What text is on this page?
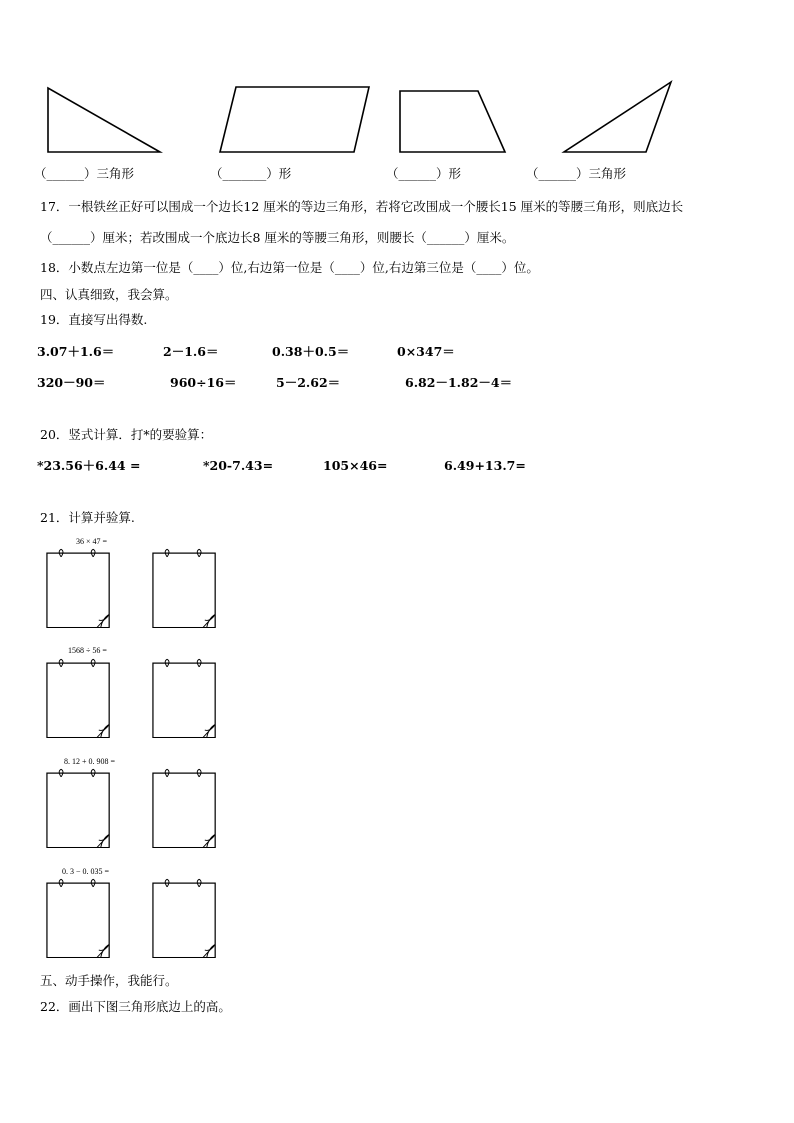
（______）三角形	（_______）形	（______）形	（______）三角形
17．一根铁丝正好可以围成一个边长12 厘米的等边三角形，若将它改围成一个腰长15 厘米的等腰三角形，则底边长
（______）厘米；若改围成一个底边长8 厘米的等腰三角形，则腰长（______）厘米。
18．小数点左边第一位是（____）位,右边第一位是（____）位,右边第三位是（____）位。
四、认真细致，我会算。
19．直接写出得数.
3.07＋1.6＝	2－1.6＝	0.38＋0.5＝	0×347＝
320－90＝	960÷16＝	5－2.62＝	6.82－1.82－4＝
20．竖式计算．打*的要验算：
*23.56＋6.44 =	*20-7.43=	105×46=	6.49+13.7=
21．计算并验算.
36 × 47 =
1568 ÷ 56 =
8. 12 + 0. 908 =
0. 3 − 0. 035 =
五、动手操作，我能行。
22．画出下图三角形底边上的高。
